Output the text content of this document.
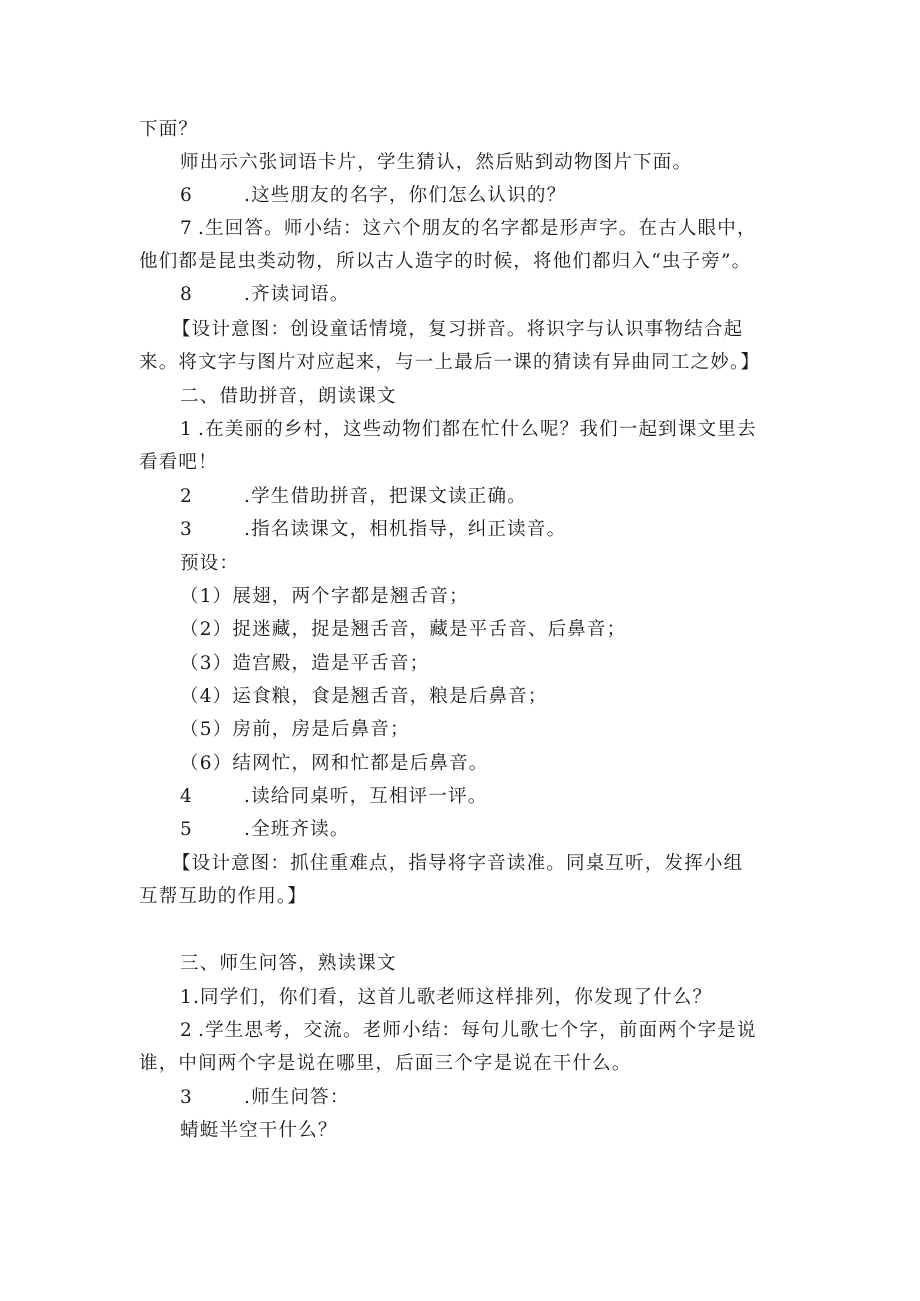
下面？
师出示六张词语卡片，学生猜认，然后贴到动物图片下面。
6	.这些朋友的名字，你们怎么认识的？
7 .生回答。师小结：这六个朋友的名字都是形声字。在古人眼中，
他们都是昆虫类动物，所以古人造字的时候，将他们都归入“虫子旁”。
8	.齐读词语。
【设计意图：创设童话情境，复习拼音。将识字与认识事物结合起
来。将文字与图片对应起来，与一上最后一课的猜读有异曲同工之妙。】
二、借助拼音，朗读课文
1 .在美丽的乡村，这些动物们都在忙什么呢？我们一起到课文里去
看看吧！
2	.学生借助拼音，把课文读正确。
3	.指名读课文，相机指导，纠正读音。
预设：
（1）展翅，两个字都是翘舌音；
（2）捉迷藏，捉是翘舌音，藏是平舌音、后鼻音；
（3）造宫殿，造是平舌音；
（4）运食粮，食是翘舌音，粮是后鼻音；
（5）房前，房是后鼻音；
（6）结网忙，网和忙都是后鼻音。
4	.读给同桌听，互相评一评。
5	.全班齐读。
【设计意图：抓住重难点，指导将字音读准。同桌互听，发挥小组
互帮互助的作用。】
三、师生问答，熟读课文
1.同学们，你们看，这首儿歌老师这样排列，你发现了什么？
2 .学生思考，交流。老师小结：每句儿歌七个字，前面两个字是说
谁，中间两个字是说在哪里，后面三个字是说在干什么。
3	.师生问答：
蜻蜓半空干什么？
